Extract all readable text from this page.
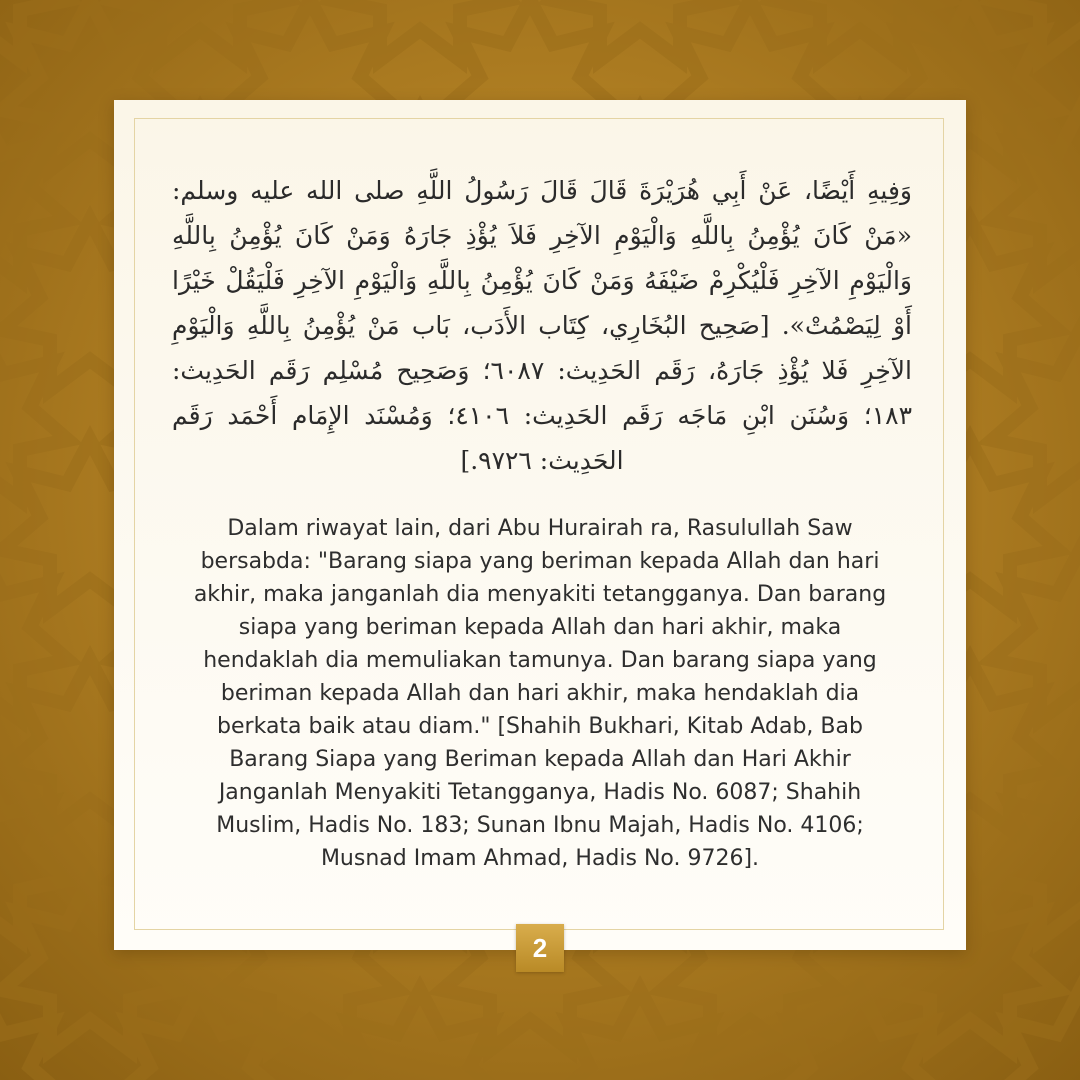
وَفِيهِ أَيْضًا، عَنْ أَبِي هُرَيْرَةَ قَالَ قَالَ رَسُولُ اللَّهِ صلى الله عليه وسلم: «مَنْ كَانَ يُؤْمِنُ بِاللَّهِ وَالْيَوْمِ الآخِرِ فَلاَ يُؤْذِ جَارَهُ وَمَنْ كَانَ يُؤْمِنُ بِاللَّهِ وَالْيَوْمِ الآخِرِ فَلْيُكْرِمْ ضَيْفَهُ وَمَنْ كَانَ يُؤْمِنُ بِاللَّهِ وَالْيَوْمِ الآخِرِ فَلْيَقُلْ خَيْرًا أَوْ لِيَصْمُتْ». [صَحِيح البُخَارِي، كِتَاب الأَدَب، بَاب مَنْ يُؤْمِنُ بِاللَّهِ وَالْيَوْمِ الآخِرِ فَلا يُؤْذِ جَارَهُ، رَقَم الحَدِيث: ٦٠٨٧؛ وَصَحِيح مُسْلِم رَقَم الحَدِيث: ١٨٣؛ وَسُنَن ابْنِ مَاجَه رَقَم الحَدِيث: ٤١٠٦؛ وَمُسْنَد الإِمَام أَحْمَد رَقَم الحَدِيث: ٩٧٢٦.]
Dalam riwayat lain, dari Abu Hurairah ra, Rasulullah Saw bersabda: "Barang siapa yang beriman kepada Allah dan hari akhir, maka janganlah dia menyakiti tetangganya. Dan barang siapa yang beriman kepada Allah dan hari akhir, maka hendaklah dia memuliakan tamunya. Dan barang siapa yang beriman kepada Allah dan hari akhir, maka hendaklah dia berkata baik atau diam." [Shahih Bukhari, Kitab Adab, Bab Barang Siapa yang Beriman kepada Allah dan Hari Akhir Janganlah Menyakiti Tetangganya, Hadis No. 6087; Shahih Muslim, Hadis No. 183; Sunan Ibnu Majah, Hadis No. 4106; Musnad Imam Ahmad, Hadis No. 9726].
2
